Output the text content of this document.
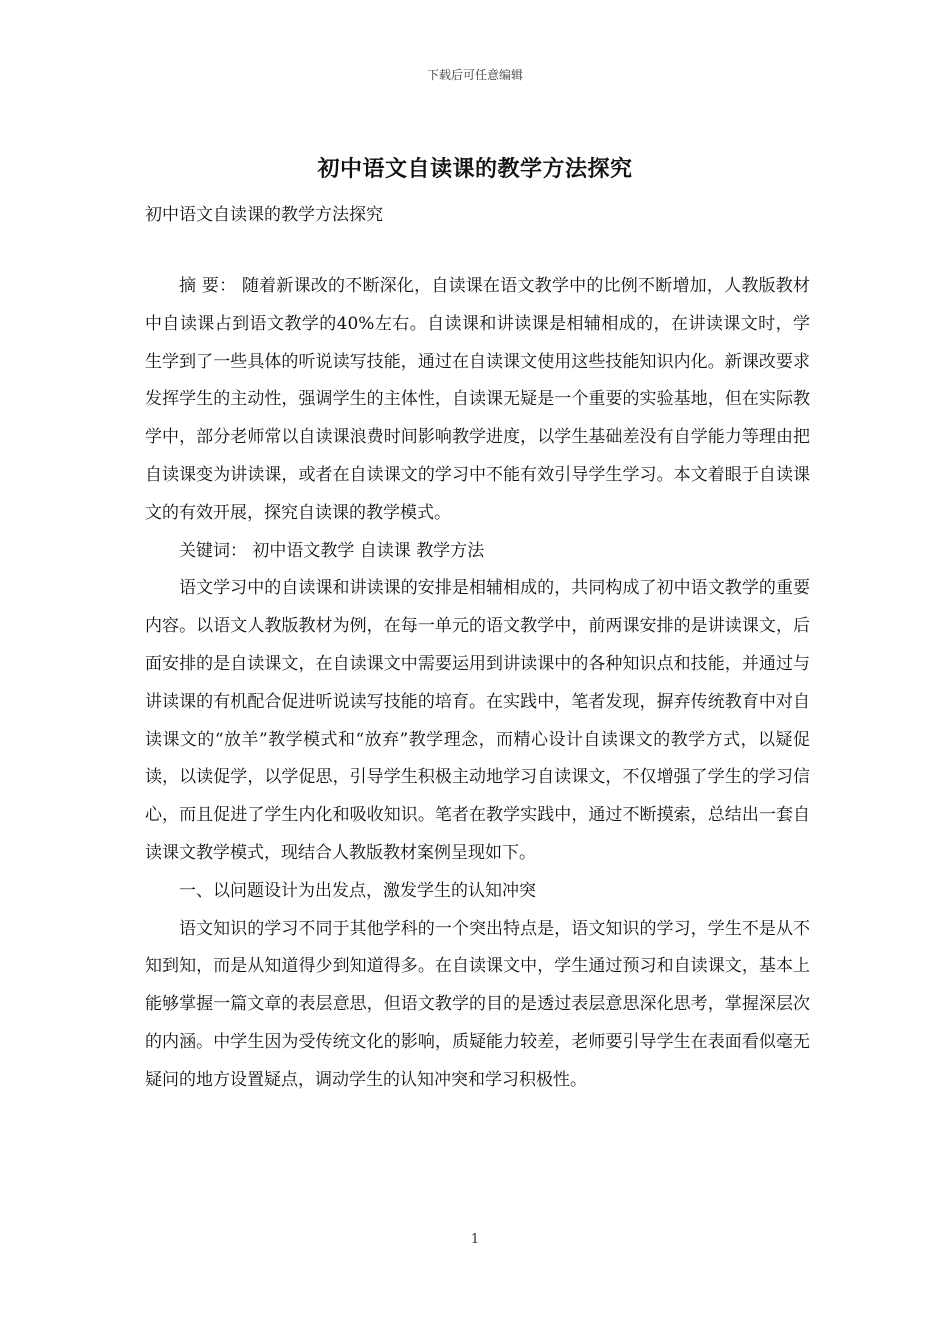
下载后可任意编辑
初中语文自读课的教学方法探究
初中语文自读课的教学方法探究

摘 要： 随着新课改的不断深化，自读课在语文教学中的比例不断增加，人教版教材中自读课占到语文教学的40%左右。自读课和讲读课是相辅相成的，在讲读课文时，学生学到了一些具体的听说读写技能，通过在自读课文使用这些技能知识内化。新课改要求发挥学生的主动性，强调学生的主体性，自读课无疑是一个重要的实验基地，但在实际教学中，部分老师常以自读课浪费时间影响教学进度，以学生基础差没有自学能力等理由把自读课变为讲读课，或者在自读课文的学习中不能有效引导学生学习。本文着眼于自读课文的有效开展，探究自读课的教学模式。

关键词： 初中语文教学 自读课 教学方法

语文学习中的自读课和讲读课的安排是相辅相成的，共同构成了初中语文教学的重要内容。以语文人教版教材为例，在每一单元的语文教学中，前两课安排的是讲读课文，后面安排的是自读课文，在自读课文中需要运用到讲读课中的各种知识点和技能，并通过与讲读课的有机配合促进听说读写技能的培育。在实践中，笔者发现，摒弃传统教育中对自读课文的“放羊”教学模式和“放弃”教学理念，而精心设计自读课文的教学方式，以疑促读，以读促学，以学促思，引导学生积极主动地学习自读课文，不仅增强了学生的学习信心，而且促进了学生内化和吸收知识。笔者在教学实践中，通过不断摸索，总结出一套自读课文教学模式，现结合人教版教材案例呈现如下。

一、以问题设计为出发点，激发学生的认知冲突

语文知识的学习不同于其他学科的一个突出特点是，语文知识的学习，学生不是从不知到知，而是从知道得少到知道得多。在自读课文中，学生通过预习和自读课文，基本上能够掌握一篇文章的表层意思，但语文教学的目的是透过表层意思深化思考，掌握深层次的内涵。中学生因为受传统文化的影响，质疑能力较差，老师要引导学生在表面看似毫无疑问的地方设置疑点，调动学生的认知冲突和学习积极性。

1
